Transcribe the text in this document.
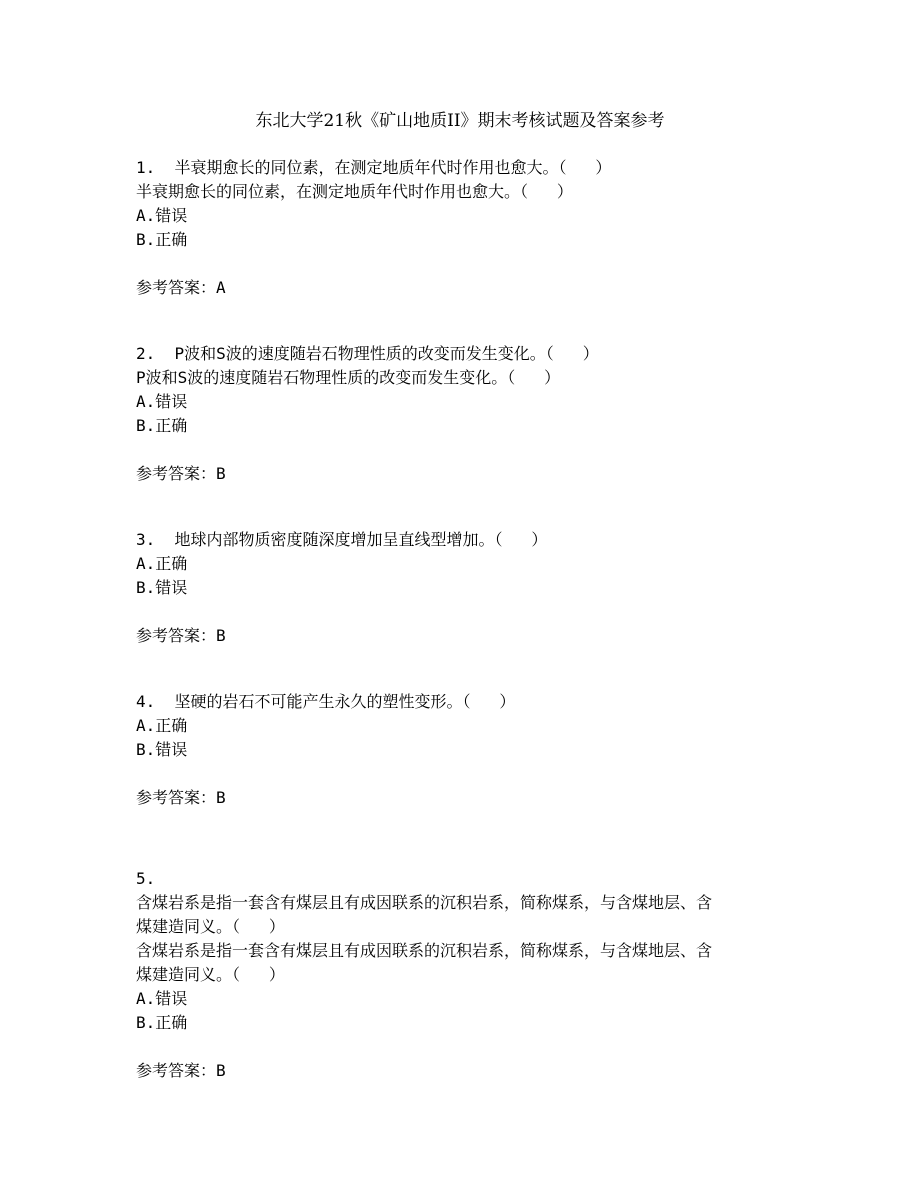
东北大学21秋《矿山地质II》期末考核试题及答案参考

1. 半衰期愈长的同位素，在测定地质年代时作用也愈大。（   ）

半衰期愈长的同位素，在测定地质年代时作用也愈大。（   ）

A.错误

B.正确

参考答案：A

2. P波和S波的速度随岩石物理性质的改变而发生变化。（   ）

P波和S波的速度随岩石物理性质的改变而发生变化。（   ）

A.错误

B.正确

参考答案：B

3. 地球内部物质密度随深度增加呈直线型增加。（   ）

A.正确

B.错误

参考答案：B

4. 坚硬的岩石不可能产生永久的塑性变形。（   ）

A.正确

B.错误

参考答案：B

5.

含煤岩系是指一套含有煤层且有成因联系的沉积岩系，简称煤系，与含煤地层、含

煤建造同义。（   ）

含煤岩系是指一套含有煤层且有成因联系的沉积岩系，简称煤系，与含煤地层、含

煤建造同义。（   ）

A.错误

B.正确

参考答案：B
